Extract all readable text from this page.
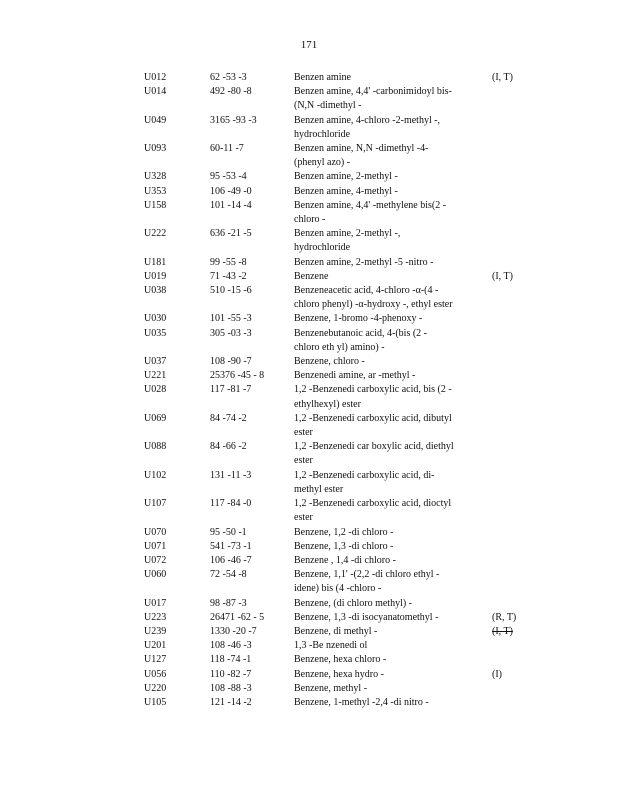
171
U012	62 -53 -3	Benzen amine	(I, T)
U014	492 -80 -8	Benzen amine, 4,4' -carbonimidoyl bis-
(N,N -dimethyl -
U049	3165 -93 -3	Benzen amine, 4-chloro -2-methyl -,
hydrochloride
U093	60-11 -7	Benzen amine, N,N -dimethyl -4-
(phenyl azo) -
U328	95 -53 -4	Benzen amine, 2-methyl -
U353	106 -49 -0	Benzen amine, 4-methyl -
U158	101 -14 -4	Benzen amine, 4,4' -methylene bis(2 -
chloro -
U222	636 -21 -5	Benzen amine, 2-methyl -,
hydrochloride
U181	99 -55 -8	Benzen amine, 2-methyl -5 -nitro -
U019	71 -43 -2	Benzene	(I, T)
U038	510 -15 -6	Benzeneacetic acid, 4-chloro -α-(4 -
chloro phenyl) -α-hydroxy -, ethyl ester
U030	101 -55 -3	Benzene, 1-bromo -4-phenoxy -
U035	305 -03 -3	Benzenebutanoic acid, 4-(bis (2 -
chloro eth yl) amino) -
U037	108 -90 -7	Benzene, chloro -
U221	25376 -45 - 8	Benzenedi amine, ar -methyl -
U028	117 -81 -7	1,2 -Benzenedi carboxylic acid, bis (2 -
ethylhexyl) ester
U069	84 -74 -2	1,2 -Benzenedi carboxylic acid, dibutyl
ester
U088	84 -66 -2	1,2 -Benzenedi car boxylic acid, diethyl
ester
U102	131 -11 -3	1,2 -Benzenedi carboxylic acid, di-
methyl ester
U107	117 -84 -0	1,2 -Benzenedi carboxylic acid, dioctyl
ester
U070	95 -50 -1	Benzene, 1,2 -di chloro -
U071	541 -73 -1	Benzene, 1,3 -di chloro -
U072	106 -46 -7	Benzene , 1,4 -di chloro -
U060	72 -54 -8	Benzene, 1,1' -(2,2 -di chloro ethyl -
idene) bis (4 -chloro -
U017	98 -87 -3	Benzene, (di chloro methyl) -
U223	26471 -62 - 5	Benzene, 1,3 -di isocyanatomethyl -	(R, T)
U239	1330 -20 -7	Benzene, di methyl -	(I, T)
U201	108 -46 -3	1,3 -Be nzenedi ol
U127	118 -74 -1	Benzene, hexa chloro -
U056	110 -82 -7	Benzene, hexa hydro -	(I)
U220	108 -88 -3	Benzene, methyl -
U105	121 -14 -2	Benzene, 1-methyl -2,4 -di nitro -
